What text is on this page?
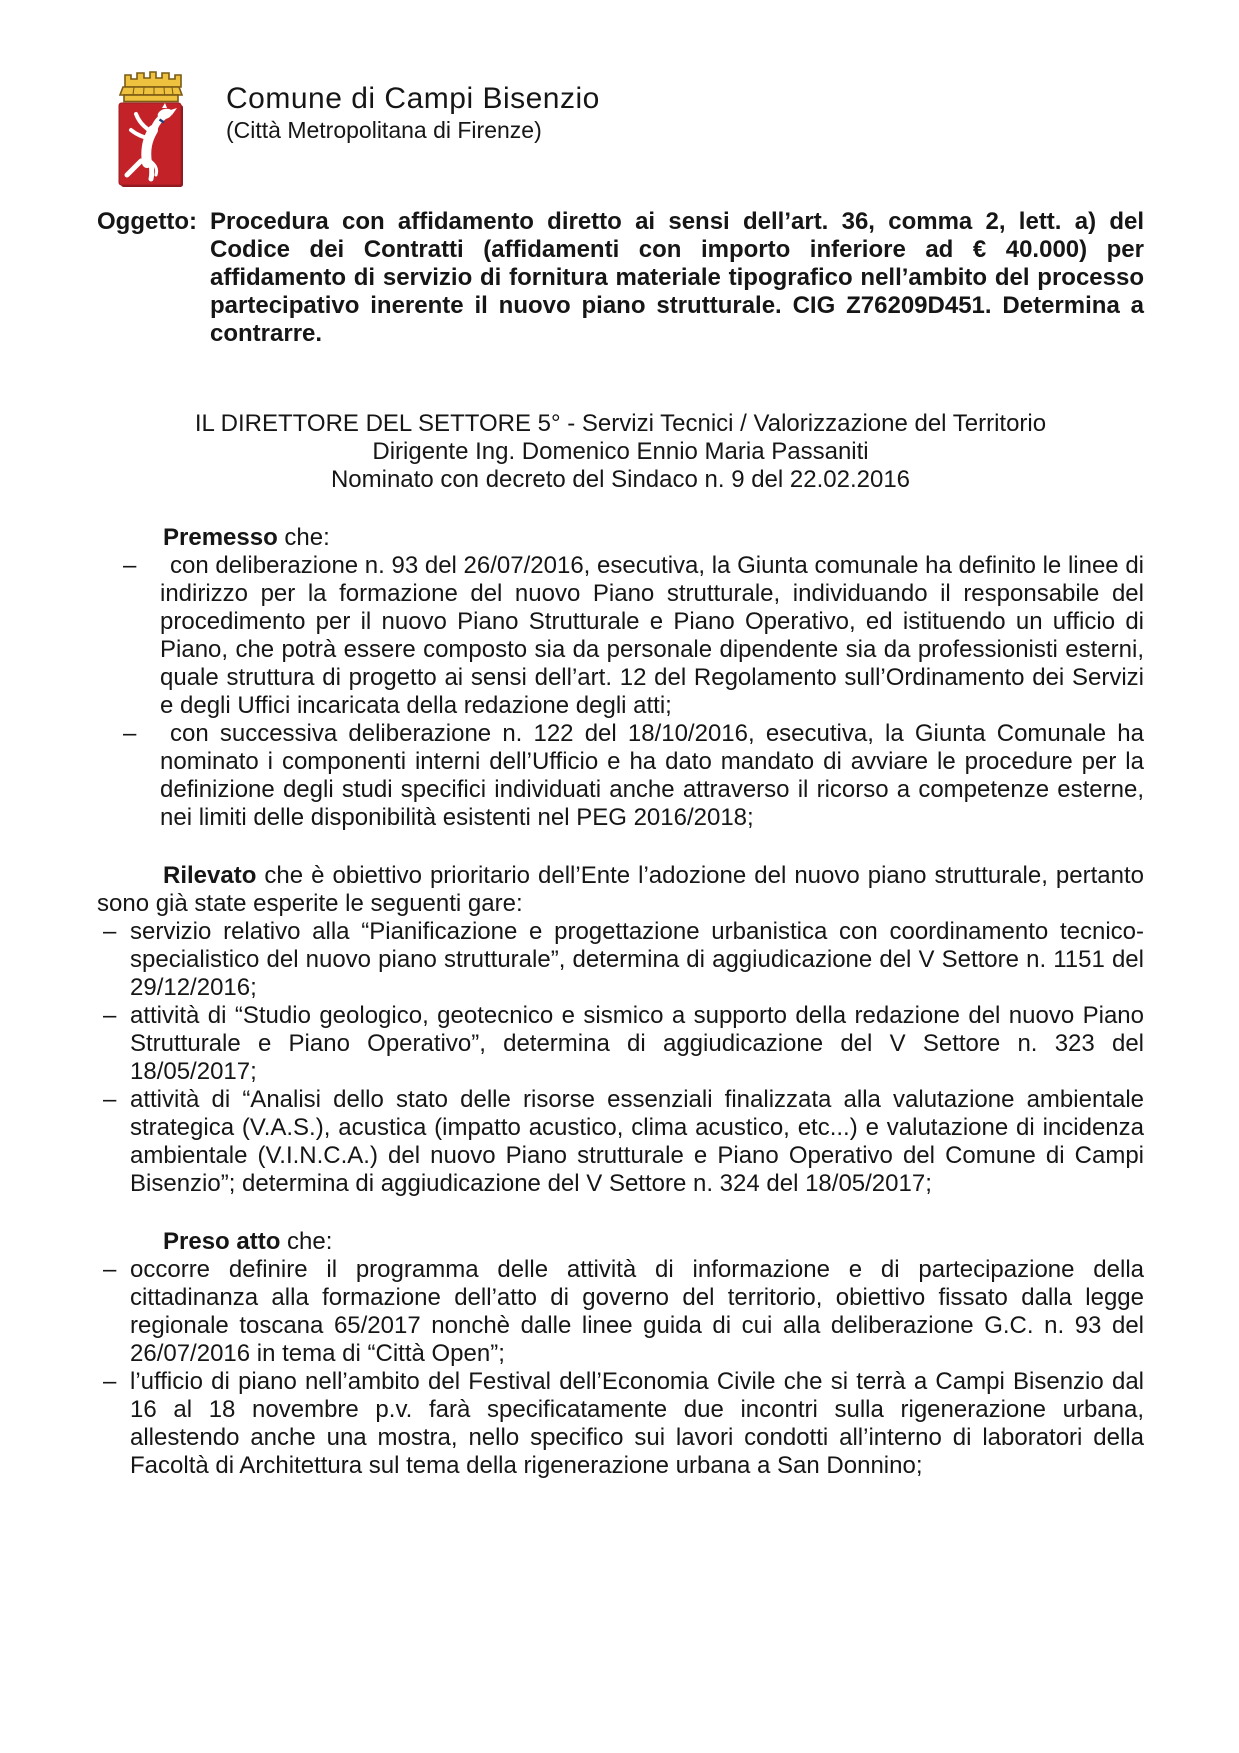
Comune di Campi Bisenzio
(Città Metropolitana di Firenze)
Oggetto: Procedura con affidamento diretto ai sensi dell’art. 36, comma 2, lett. a) del Codice dei Contratti (affidamenti con importo inferiore ad € 40.000) per affidamento di servizio di fornitura materiale tipografico nell’ambito del processo partecipativo inerente il nuovo piano strutturale. CIG Z76209D451. Determina a contrarre.

IL DIRETTORE DEL SETTORE 5° - Servizi Tecnici / Valorizzazione del Territorio
Dirigente Ing. Domenico Ennio Maria Passaniti
Nominato con decreto del Sindaco n. 9 del 22.02.2016

Premesso che:

–	con deliberazione n. 93 del 26/07/2016, esecutiva, la Giunta comunale ha definito le linee di indirizzo per la formazione del nuovo Piano strutturale, individuando il responsabile del procedimento per il nuovo Piano Strutturale e Piano Operativo, ed istituendo un ufficio di Piano, che potrà essere composto sia da personale dipendente sia da professionisti esterni, quale struttura di progetto ai sensi dell’art. 12 del Regolamento sull’Ordinamento dei Servizi e degli Uffici incaricata della redazione degli atti;

–	con successiva deliberazione n. 122 del 18/10/2016, esecutiva, la Giunta Comunale ha nominato i componenti interni dell’Ufficio e ha dato mandato di avviare le procedure per la definizione degli studi specifici individuati anche attraverso il ricorso a competenze esterne, nei limiti delle disponibilità esistenti nel PEG 2016/2018;

Rilevato che è obiettivo prioritario dell’Ente l’adozione del nuovo piano strutturale, pertanto sono già state esperite le seguenti gare:

– servizio relativo alla “Pianificazione e progettazione urbanistica con coordinamento tecnico-specialistico del nuovo piano strutturale”, determina di aggiudicazione del V Settore n. 1151 del 29/12/2016;

– attività di “Studio geologico, geotecnico e sismico a supporto della redazione del nuovo Piano Strutturale e Piano Operativo”, determina di aggiudicazione del V Settore n. 323 del 18/05/2017;

– attività di “Analisi dello stato delle risorse essenziali finalizzata alla valutazione ambientale strategica (V.A.S.), acustica (impatto acustico, clima acustico, etc...) e valutazione di incidenza ambientale (V.I.N.C.A.) del nuovo Piano strutturale e Piano Operativo del Comune di Campi Bisenzio”; determina di aggiudicazione del V Settore n. 324 del 18/05/2017;

Preso atto che:

– occorre definire il programma delle attività di informazione e di partecipazione della cittadinanza alla formazione dell’atto di governo del territorio, obiettivo fissato dalla legge regionale toscana 65/2017 nonchè dalle linee guida di cui alla deliberazione G.C. n. 93 del 26/07/2016 in tema di “Città Open”;

– l’ufficio di piano nell’ambito del Festival dell’Economia Civile che si terrà a Campi Bisenzio dal 16 al 18 novembre p.v. farà specificatamente due incontri sulla rigenerazione urbana, allestendo anche una mostra, nello specifico sui lavori condotti all’interno di laboratori della Facoltà di Architettura sul tema della rigenerazione urbana a San Donnino;
